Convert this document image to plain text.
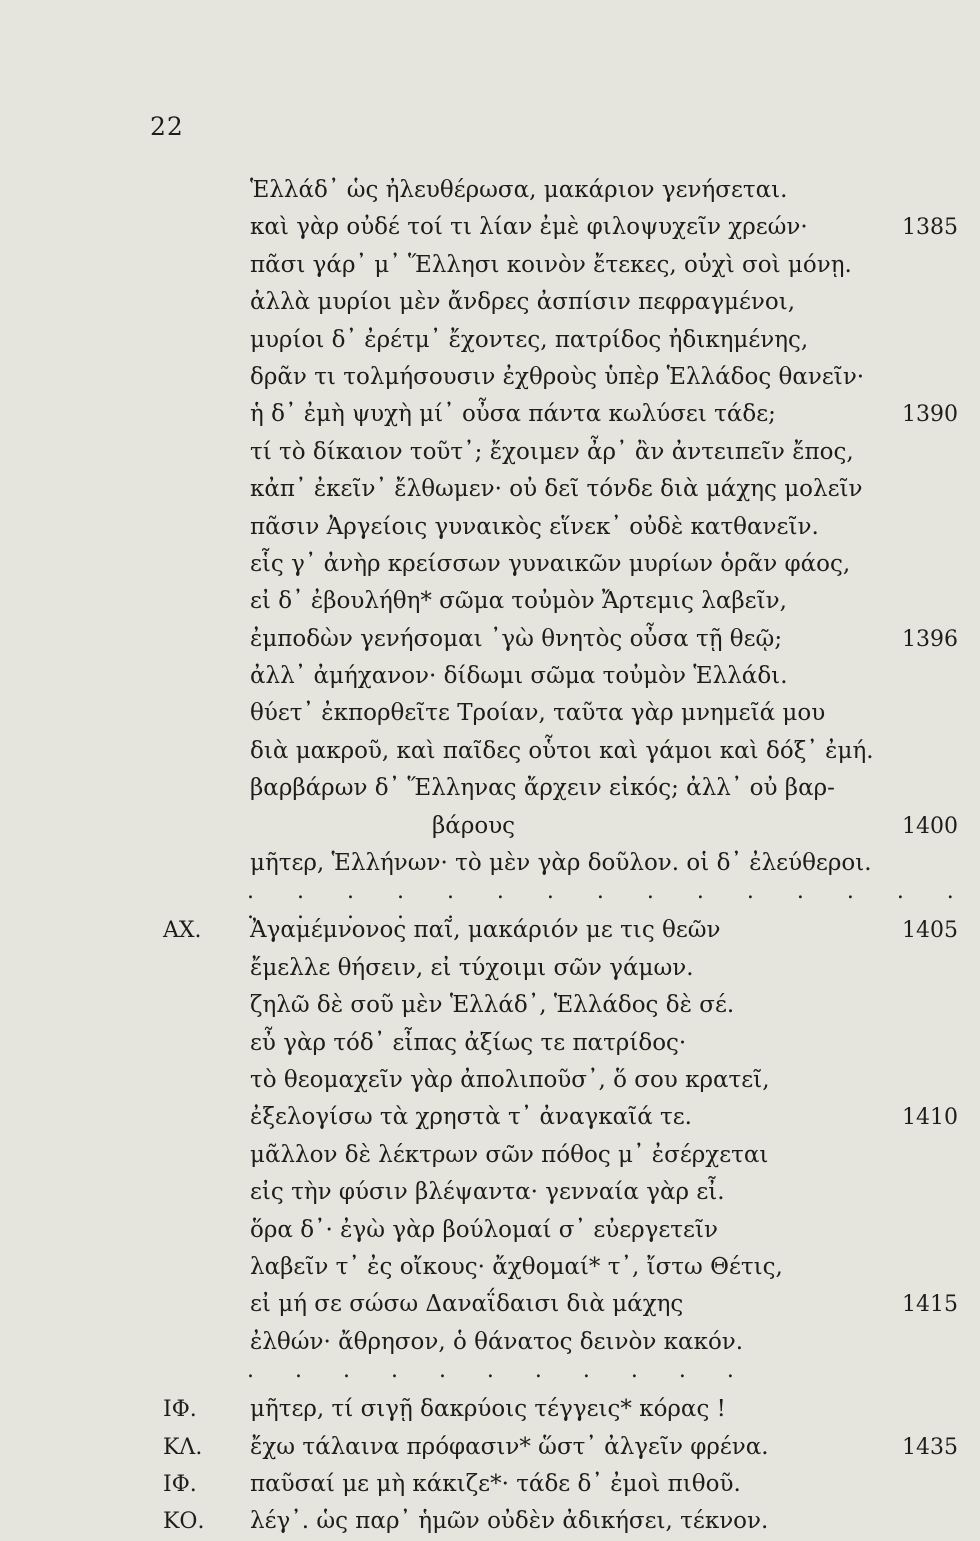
22
Ἑλλάδ᾽ ὡς ἠλευθέρωσα, μακάριον γενήσεται.
καὶ γὰρ οὐδέ τοί τι λίαν ἐμὲ φιλοψυχεῖν χρεών·	1385
πᾶσι γάρ᾽ μ᾽ Ἕλλησι κοινὸν ἔτεκες, οὐχὶ σοὶ μόνῃ.
ἀλλὰ μυρίοι μὲν ἄνδρες ἀσπίσιν πεφραγμένοι,
μυρίοι δ᾽ ἐρέτμ᾽ ἔχοντες, πατρίδος ἠδικημένης,
δρᾶν τι τολμήσουσιν ἐχθροὺς ὑπὲρ Ἑλλάδος θανεῖν·
ἡ δ᾽ ἐμὴ ψυχὴ μί᾽ οὖσα πάντα κωλύσει τάδε;	1390
τί τὸ δίκαιον τοῦτ᾽; ἔχοιμεν ἆρ᾽ ἂν ἀντειπεῖν ἔπος,
κἀπ᾽ ἐκεῖν᾽ ἔλθωμεν· οὐ δεῖ τόνδε διὰ μάχης μολεῖν
πᾶσιν Ἀργείοις γυναικὸς εἵνεκ᾽ οὐδὲ κατθανεῖν.
εἷς γ᾽ ἀνὴρ κρείσσων γυναικῶν μυρίων ὁρᾶν φάος,
εἰ δ᾽ ἐβουλήθη* σῶμα τοὐμὸν Ἄρτεμις λαβεῖν,
ἐμποδὼν γενήσομαι ᾽γὼ θνητὸς οὖσα τῇ θεῷ;	1396
ἀλλ᾽ ἀμήχανον· δίδωμι σῶμα τοὐμὸν Ἑλλάδι.
θύετ᾽ ἐκπορθεῖτε Τροίαν, ταῦτα γὰρ μνημεῖά μου
διὰ μακροῦ, καὶ παῖδες οὗτοι καὶ γάμοι καὶ δόξ᾽ ἐμή.
βαρβάρων δ᾽ Ἕλληνας ἄρχειν εἰκός; ἀλλ᾽ οὐ βαρ-
βάρους	1400
μῆτερ, Ἑλλήνων· τὸ μὲν γὰρ δοῦλον. οἱ δ᾽ ἐλεύθεροι.
. . . . . . . . . . . . . . . . . . . .
ΑΧ. Ἀγαμέμνονος παῖ, μακάριόν με τις θεῶν	1405
ἔμελλε θήσειν, εἰ τύχοιμι σῶν γάμων.
ζηλῶ δὲ σοῦ μὲν Ἑλλάδ᾽, Ἑλλάδος δὲ σέ.
εὖ γὰρ τόδ᾽ εἶπας ἀξίως τε πατρίδος·
τὸ θεομαχεῖν γὰρ ἀπολιποῦσ᾽, ὅ σου κρατεῖ,
ἐξελογίσω τὰ χρηστὰ τ᾽ ἀναγκαῖά τε.	1410
μᾶλλον δὲ λέκτρων σῶν πόθος μ᾽ ἐσέρχεται
εἰς τὴν φύσιν βλέψαντα· γενναία γὰρ εἶ.
ὅρα δ᾽· ἐγὼ γὰρ βούλομαί σ᾽ εὐεργετεῖν
λαβεῖν τ᾽ ἐς οἴκους· ἄχθομαί* τ᾽, ἴστω Θέτις,
εἰ μή σε σώσω Δαναΐδαισι διὰ μάχης	1415
ἐλθών· ἄθρησον, ὁ θάνατος δεινὸν κακόν.
. . . . . . . . . . .
ΙΦ. μῆτερ, τί σιγῇ δακρύοις τέγγεις* κόρας !
ΚΛ. ἔχω τάλαινα πρόφασιν* ὥστ᾽ ἀλγεῖν φρένα.	1435
ΙΦ. παῦσαί με μὴ κάκιζε*· τάδε δ᾽ ἐμοὶ πιθοῦ.
ΚΟ. λέγ᾽. ὡς παρ᾽ ἡμῶν οὐδὲν ἀδικήσει, τέκνον.
